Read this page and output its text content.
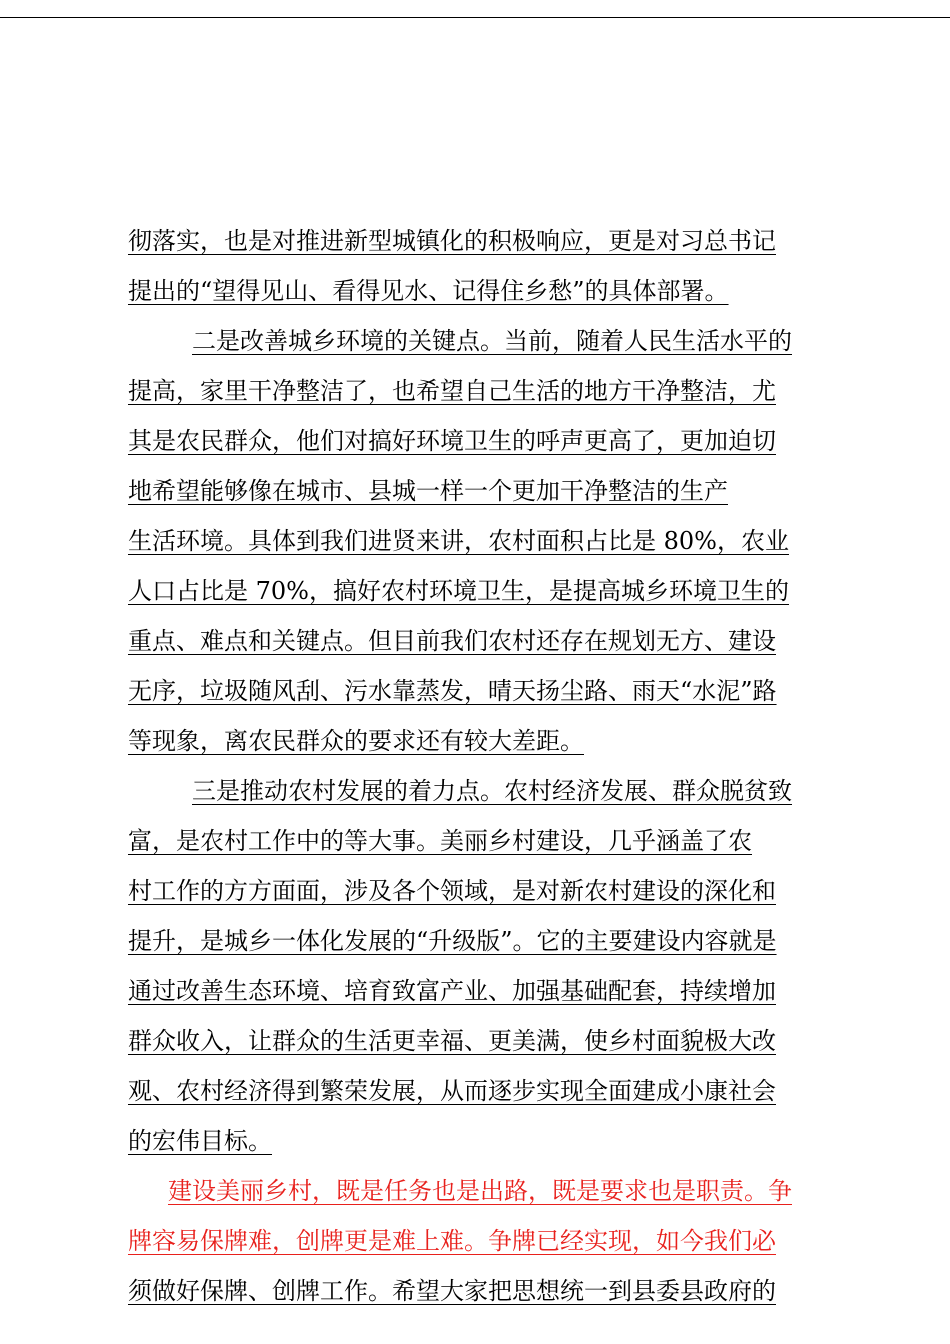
彻落实，也是对推进新型城镇化的积极响应，更是对习总书记
提出的“望得见山、看得见水、记得住乡愁”的具体部署。
二是改善城乡环境的关键点。当前，随着人民生活水平的
提高，家里干净整洁了，也希望自己生活的地方干净整洁，尤
其是农民群众，他们对搞好环境卫生的呼声更高了，更加迫切
地希望能够像在城市、县城一样一个更加干净整洁的生产
生活环境。具体到我们进贤来讲，农村面积占比是 80%，农业
人口占比是 70%，搞好农村环境卫生，是提高城乡环境卫生的
重点、难点和关键点。但目前我们农村还存在规划无方、建设
无序，垃圾随风刮、污水靠蒸发，晴天扬尘路、雨天“水泥”路
等现象，离农民群众的要求还有较大差距。
三是推动农村发展的着力点。农村经济发展、群众脱贫致
富，是农村工作中的等大事。美丽乡村建设，几乎涵盖了农
村工作的方方面面，涉及各个领域，是对新农村建设的深化和
提升，是城乡一体化发展的“升级版”。它的主要建设内容就是
通过改善生态环境、培育致富产业、加强基础配套，持续增加
群众收入，让群众的生活更幸福、更美满，使乡村面貌极大改
观、农村经济得到繁荣发展，从而逐步实现全面建成小康社会
的宏伟目标。
建设美丽乡村，既是任务也是出路，既是要求也是职责。争
牌容易保牌难，创牌更是难上难。争牌已经实现，如今我们必
须做好保牌、创牌工作。希望大家把思想统一到县委县政府的
